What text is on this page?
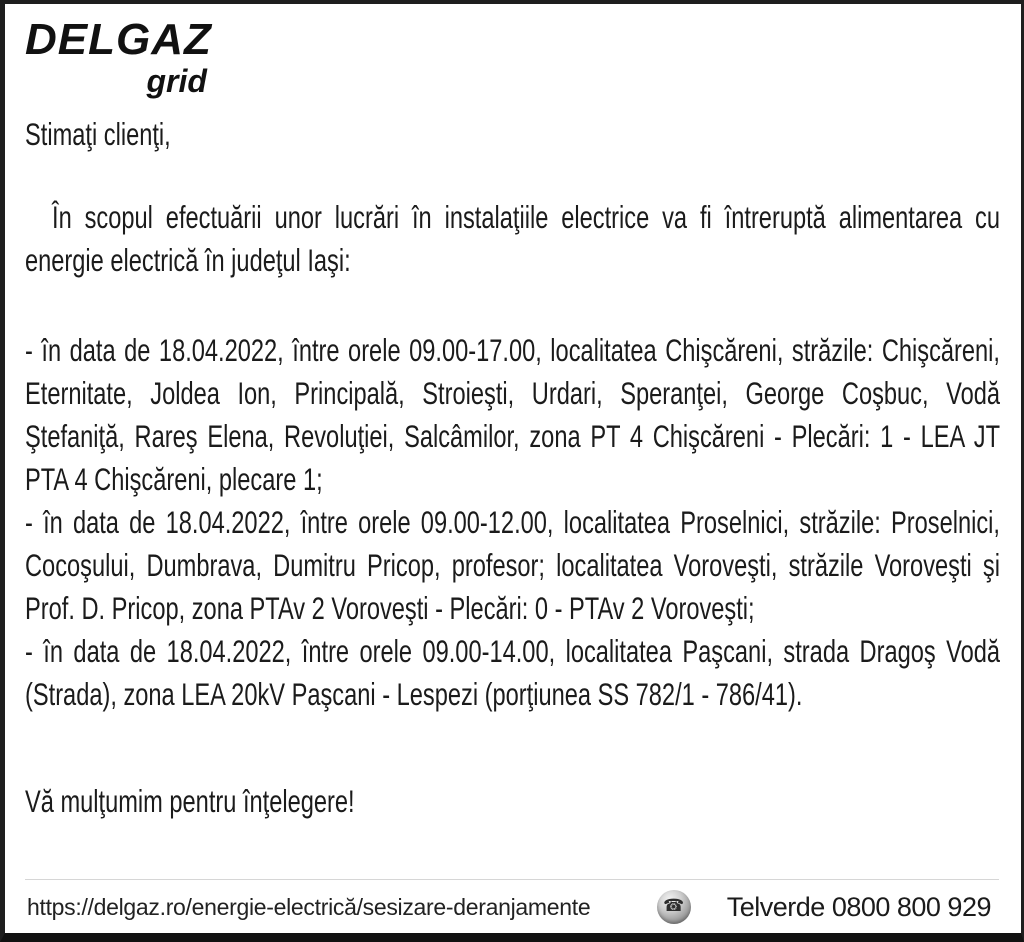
DELGAZ
grid

Stimaţi clienţi,

În scopul efectuării unor lucrări în instalaţiile electrice va fi întreruptă alimentarea cu energie electrică în judeţul Iaşi:

- în data de 18.04.2022, între orele 09.00-17.00, localitatea Chişcăreni, străzile: Chişcăreni, Eternitate, Joldea Ion, Principală, Stroieşti, Urdari, Speranţei, George Coşbuc, Vodă Ştefaniţă, Rareş Elena, Revoluţiei, Salcâmilor, zona PT 4 Chişcăreni - Plecări: 1 - LEA JT PTA 4 Chişcăreni, plecare 1;

- în data de 18.04.2022, între orele 09.00-12.00, localitatea Proselnici, străzile: Proselnici, Cocoşului, Dumbrava, Dumitru Pricop, profesor; localitatea Voroveşti, străzile Voroveşti şi Prof. D. Pricop, zona PTAv 2 Voroveşti - Plecări: 0 - PTAv 2 Voroveşti;

- în data de 18.04.2022, între orele 09.00-14.00, localitatea Paşcani, strada Dragoş Vodă (Strada), zona LEA 20kV Paşcani - Lespezi (porţiunea SS 782/1 - 786/41).

Vă mulţumim pentru înţelegere!

https://delgaz.ro/energie-electrică/sesizare-deranjamente	☎ Telverde 0800 800 929
